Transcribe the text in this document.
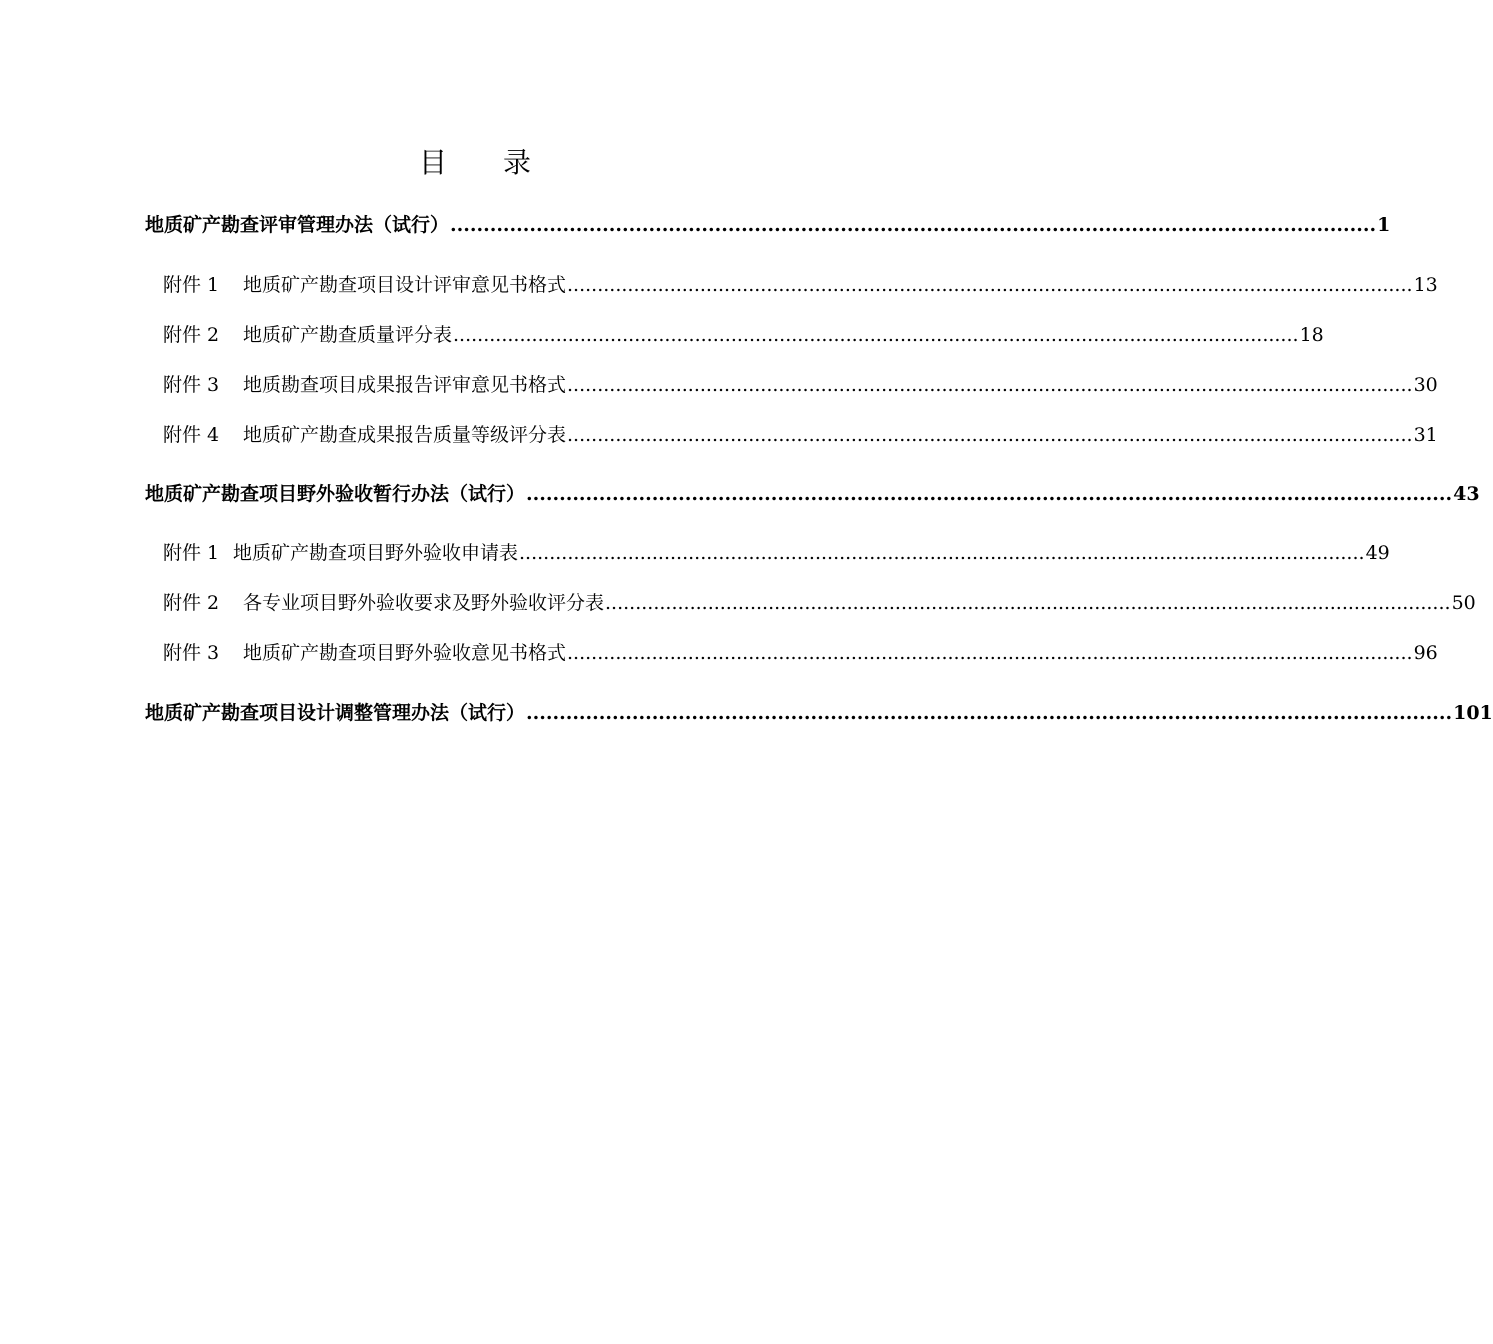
目 录
地质矿产勘查评审管理办法（试行） ............................................................................................................................................ 1
附件 1	地质矿产勘查项目设计评审意见书格式 ............................................................................................................................................ 13
附件 2	地质矿产勘查质量评分表 ............................................................................................................................................ 18
附件 3	地质勘查项目成果报告评审意见书格式 ............................................................................................................................................ 30
附件 4	地质矿产勘查成果报告质量等级评分表 ............................................................................................................................................ 31
地质矿产勘查项目野外验收暂行办法（试行） ............................................................................................................................................ 43
附件 1 地质矿产勘查项目野外验收申请表 ............................................................................................................................................ 49
附件 2	各专业项目野外验收要求及野外验收评分表 ............................................................................................................................................ 50
附件 3	地质矿产勘查项目野外验收意见书格式 ............................................................................................................................................ 96
地质矿产勘查项目设计调整管理办法（试行） ............................................................................................................................................ 101
